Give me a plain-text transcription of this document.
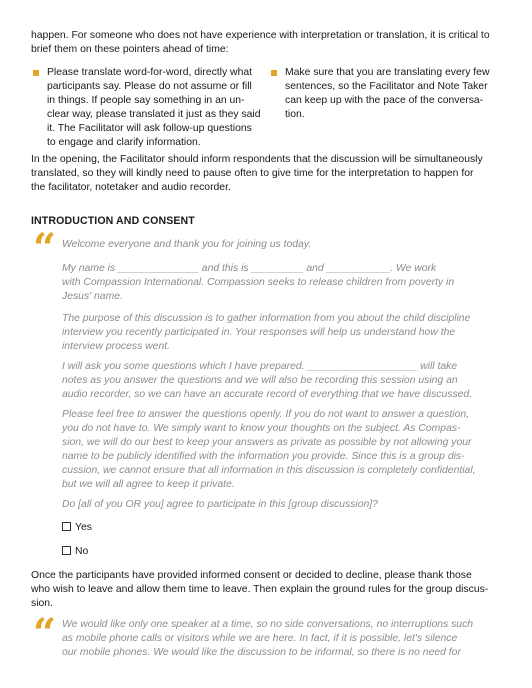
happen. For someone who does not have experience with interpretation or translation, it is critical to
brief them on these pointers ahead of time:

Please translate word-for-word, directly what
participants say. Please do not assume or fill
in things. If people say something in an un-
clear way, please translated it just as they said
it. The Facilitator will ask follow-up questions
to engage and clarify information.

Make sure that you are translating every few
sentences, so the Facilitator and Note Taker
can keep up with the pace of the conversa-
tion.

In the opening, the Facilitator should inform respondents that the discussion will be simultaneously
translated, so they will kindly need to pause often to give time for the interpretation to happen for
the facilitator, notetaker and audio recorder.

INTRODUCTION AND CONSENT
“ Welcome everyone and thank you for joining us today.

My name is ______________ and this is _________ and ___________. We work
with Compassion International. Compassion seeks to release children from poverty in
Jesus' name.

The purpose of this discussion is to gather information from you about the child discipline
interview you recently participated in. Your responses will help us understand how the
interview process went.

I will ask you some questions which I have prepared. ___________________ will take
notes as you answer the questions and we will also be recording this session using an
audio recorder, so we can have an accurate record of everything that we have discussed.

Please feel free to answer the questions openly. If you do not want to answer a question,
you do not have to. We simply want to know your thoughts on the subject. As Compas-
sion, we will do our best to keep your answers as private as possible by not allowing your
name to be publicly identified with the information you provide. Since this is a group dis-
cussion, we cannot ensure that all information in this discussion is completely confidential,
but we will all agree to keep it private.

Do [all of you OR you] agree to participate in this [group discussion]?

Yes
No

Once the participants have provided informed consent or decided to decline, please thank those
who wish to leave and allow them time to leave. Then explain the ground rules for the group discus-
sion.

“ We would like only one speaker at a time, so no side conversations, no interruptions such
as mobile phone calls or visitors while we are here. In fact, if it is possible, let's silence
our mobile phones. We would like the discussion to be informal, so there is no need for
